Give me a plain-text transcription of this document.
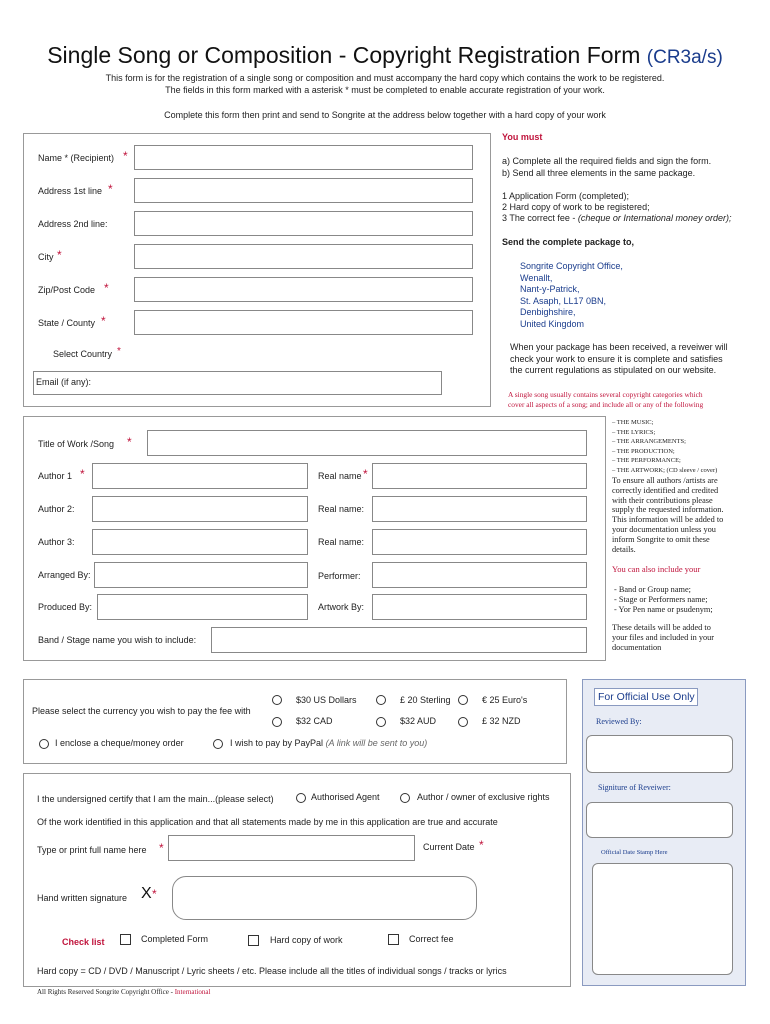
Single Song or Composition - Copyright Registration Form (CR3a/s)
This form is for the registration of a single song or composition and must accompany the hard copy which contains the work to be registered.
The fields in this form marked with a asterisk * must be completed to enable accurate registration of your work.
Complete this form then print and send to Songrite at the address below together with a hard copy of your work
Name * (Recipient) *
Address 1st line *
Address 2nd line:
City *
Zip/Post Code *
State / County *
Select Country *
Email (if any):
You must
a) Complete all the required fields and sign the form.
b) Send all three elements in the same package.
1 Application Form (completed);
2 Hard copy of work to be registered;
3 The correct fee - (cheque or International money order);
Send the complete package to,
Songrite Copyright Office,
Wenallt,
Nant-y-Patrick,
St. Asaph, LL17 0BN,
Denbighshire,
United Kingdom
When your package has been received, a reveiwer will
check your work to ensure it is complete and satisfies
the current regulations as stipulated on our website.
A single song usually contains several copyright categories which
cover all aspects of a song; and include all or any of the following
– THE MUSIC;
– THE LYRICS;
– THE ARRANGEMENTS;
– THE PRODUCTION;
– THE PERFORMANCE;
– THE ARTWORK; (CD sleeve / cover)
To ensure all authors /artists are
correctly identified and credited
with their contributions please
supply the requested information.
This information will be added to
your documentation unless you
inform Songrite to omit these
details.
You can also include your
- Band or Group name;
- Stage or Performers name;
- Yor Pen name or psudenym;
These details will be added to
your files and included in your
documentation
Title of Work /Song *
Author 1 *	Real name *
Author 2:	Real name:
Author 3:	Real name:
Arranged By:	Performer:
Produced By:	Artwork By:
Band / Stage name you wish to include:
Please select the currency you wish to pay the fee with
$30 US Dollars	£ 20 Sterling	€ 25 Euro's
$32 CAD	$32 AUD	£ 32 NZD
I enclose a cheque/money order	I wish to pay by PayPal (A link will be sent to you)
I the undersigned certify that I am the main...(please select)	Authorised Agent	Author / owner of exclusive rights
Of the work identified in this application and that all statements made by me in this application are true and accurate
Type or print full name here *	Current Date *
Hand written signature X *
Check list	Completed Form	Hard copy of work	Correct fee
Hard copy = CD / DVD / Manuscript / Lyric sheets / etc. Please include all the titles of individual songs / tracks or lyrics
For Official Use Only
Reviewed By:
Signiture of Reveiwer:
Official Date Stamp Here
All Rights Reserved Songrite Copyright Office - International
